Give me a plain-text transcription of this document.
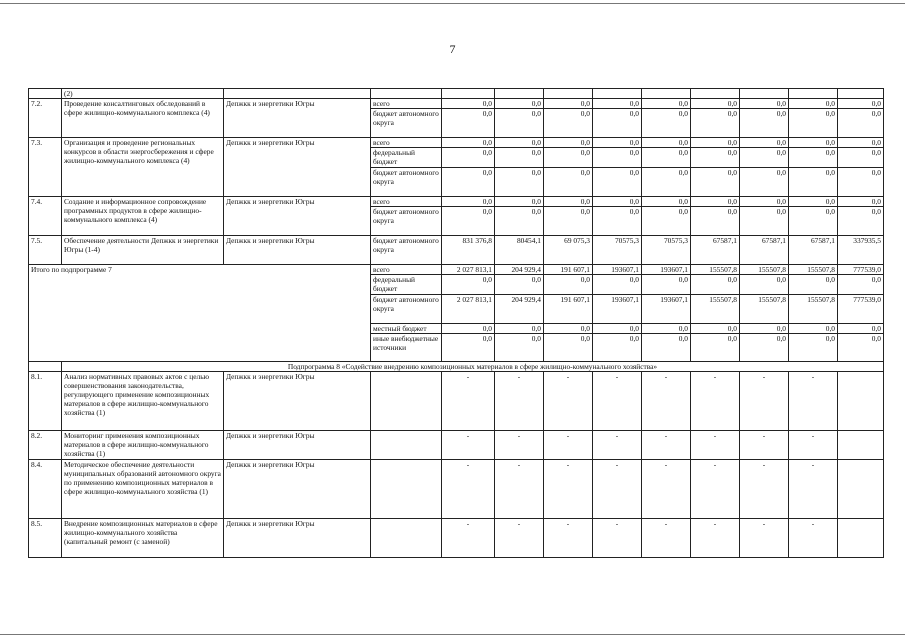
7
	(2)											
7.2.	Проведение консалтинговых обследований в сфере жилищно-коммунального комплекса (4)	Депжкк и энергетики Югры	всего	0,0	0,0	0,0	0,0	0,0	0,0	0,0	0,0	0,0
			бюджет автономного округа	0,0	0,0	0,0	0,0	0,0	0,0	0,0	0,0	0,0
7.3.	Организация и проведение региональных конкурсов в области энергосбережения и сфере жилищно-коммунального комплекса (4)	Депжкк и энергетики Югры	всего	0,0	0,0	0,0	0,0	0,0	0,0	0,0	0,0	0,0
			федеральный бюджет	0,0	0,0	0,0	0,0	0,0	0,0	0,0	0,0	0,0
			бюджет автономного округа	0,0	0,0	0,0	0,0	0,0	0,0	0,0	0,0	0,0
7.4.	Создание и информационное сопровождение программных продуктов в сфере жилищно-коммунального комплекса (4)	Депжкк и энергетики Югры	всего	0,0	0,0	0,0	0,0	0,0	0,0	0,0	0,0	0,0
			бюджет автономного округа	0,0	0,0	0,0	0,0	0,0	0,0	0,0	0,0	0,0
7.5.	Обеспечение деятельности Депжкк и энергетики Югры (1-4)	Депжкк и энергетики Югры	бюджет автономного округа	831 376,8	80454,1	69 075,3	70575,3	70575,3	67587,1	67587,1	67587,1	337935,5
Итого по подпрограмме 7			всего	2 027 813,1	204 929,4	191 607,1	193607,1	193607,1	155507,8	155507,8	155507,8	777539,0
			федеральный бюджет	0,0	0,0	0,0	0,0	0,0	0,0	0,0	0,0	0,0
			бюджет автономного округа	2 027 813,1	204 929,4	191 607,1	193607,1	193607,1	155507,8	155507,8	155507,8	777539,0
			местный бюджет	0,0	0,0	0,0	0,0	0,0	0,0	0,0	0,0	0,0
			иные внебюджетные источники	0,0	0,0	0,0	0,0	0,0	0,0	0,0	0,0	0,0
	Подпрограмма 8 «Содействие внедрению композиционных материалов в сфере жилищно-коммунального хозяйства»											
8.1.	Анализ нормативных правовых актов с целью совершенствования законодательства, регулирующего применение композиционных материалов в сфере жилищно-коммунального хозяйства (1)	Депжкк и энергетики Югры		-	-	-	-	-	-	-	-	
8.2.	Мониторинг применения композиционных материалов в сфере жилищно-коммунального хозяйства (1)	Депжкк и энергетики Югры		-	-	-	-	-	-	-	-	
8.4.	Методическое обеспечение деятельности муниципальных образований автономного округа по применению композиционных материалов в сфере жилищно-коммунального хозяйства (1)	Депжкк и энергетики Югры		-	-	-	-	-	-	-	-	
8.5.	Внедрение композиционных материалов в сфере жилищно-коммунального хозяйства (капитальный ремонт (с заменой)	Депжкк и энергетики Югры		-	-	-	-	-	-	-	-	
